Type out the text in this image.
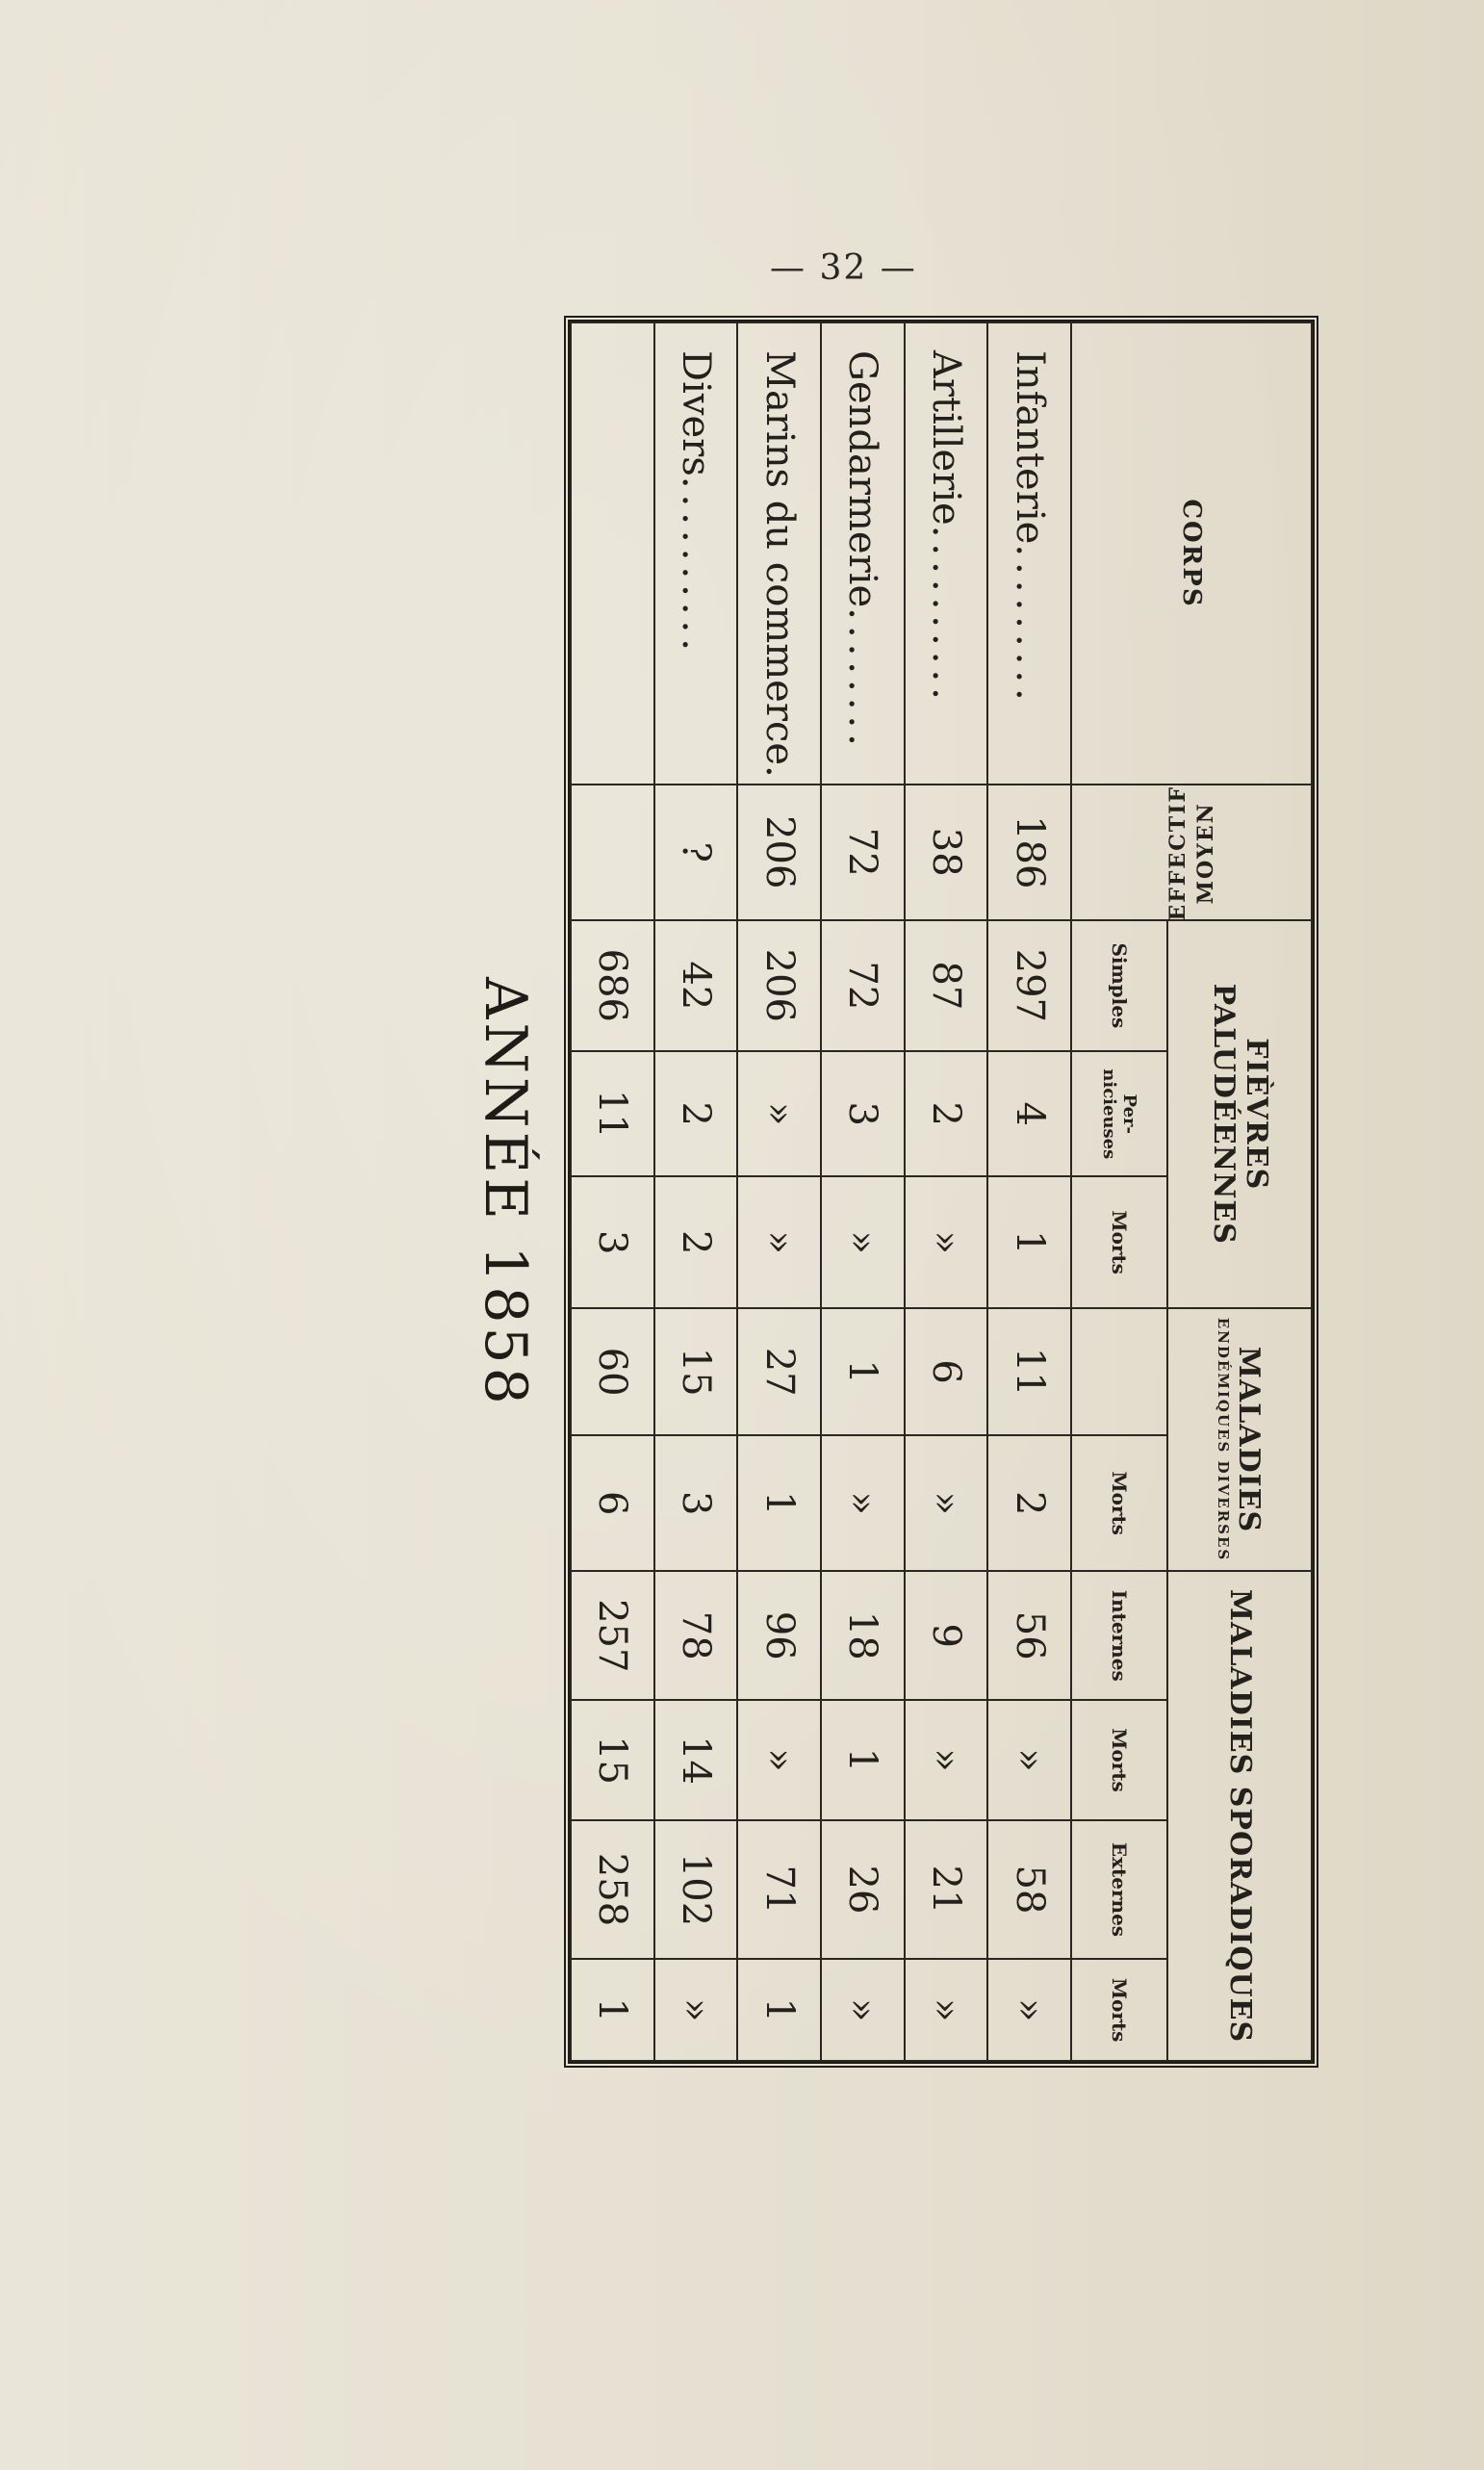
— 32 —
CORPS	EFFECTIF MOYEN	FIÈVRES PALUDÉENNES			MALADIES
ENDÉMIQUES DIVERSES		MALADIES SPORADIQUES			
		Simples	Per-
nicieuses	Morts		Morts	Internes	Morts	Externes	Morts
Infanterie.........	186	297	4	1	11	2	56	»	58	»
Artillerie..........	38	87	2	»	6	»	9	»	21	»
Gendarmerie........	72	72	3	»	1	»	18	1	26	»
Marins du commerce.	206	206	»	»	27	1	96	»	71	1
Divers..........	?	42	2	2	15	3	78	14	102	»
		686	11	3	60	6	257	15	258	1
ANNÉE 1858
